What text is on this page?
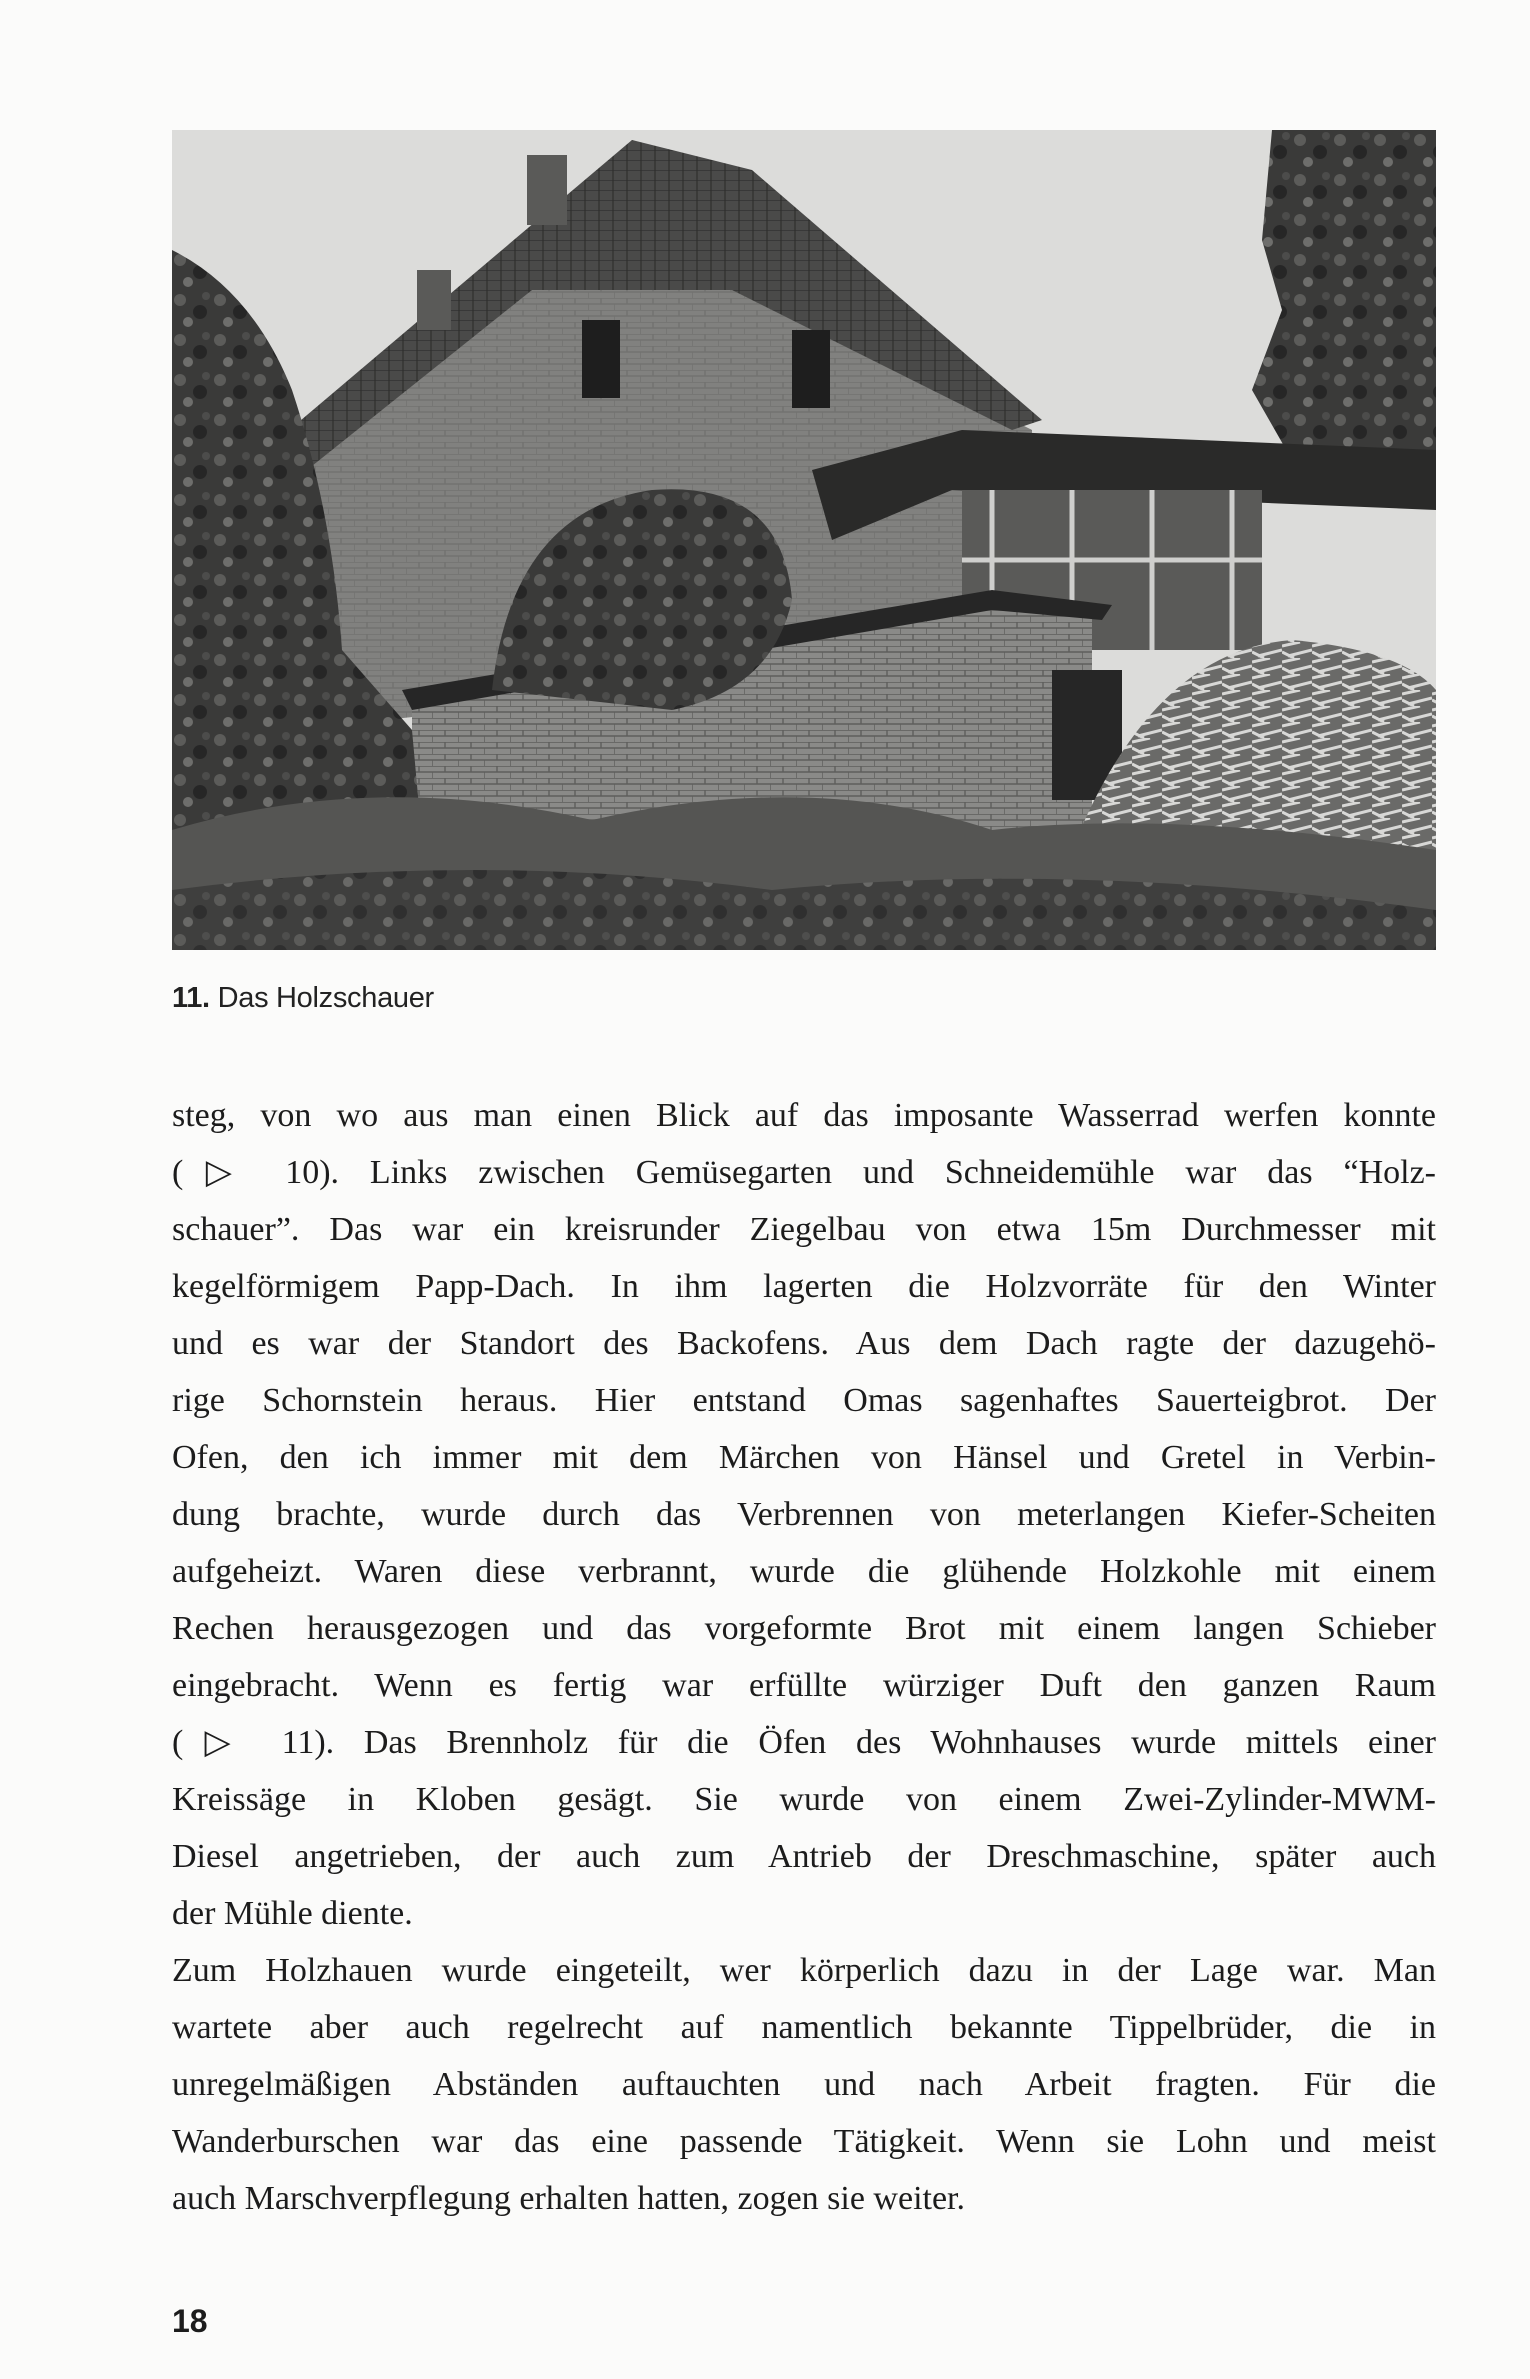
11. Das Holzschauer
steg, von wo aus man einen Blick auf das imposante Wasserrad werfen konnte
(▷ 10). Links zwischen Gemüsegarten und Schneidemühle war das “Holz-
schauer”. Das war ein kreisrunder Ziegelbau von etwa 15m Durchmesser mit
kegelförmigem Papp-Dach. In ihm lagerten die Holzvorräte für den Winter
und es war der Standort des Backofens. Aus dem Dach ragte der dazugehö-
rige Schornstein heraus. Hier entstand Omas sagenhaftes Sauerteigbrot. Der
Ofen, den ich immer mit dem Märchen von Hänsel und Gretel in Verbin-
dung brachte, wurde durch das Verbrennen von meterlangen Kiefer-Scheiten
aufgeheizt. Waren diese verbrannt, wurde die glühende Holzkohle mit einem
Rechen herausgezogen und das vorgeformte Brot mit einem langen Schieber
eingebracht. Wenn es fertig war erfüllte würziger Duft den ganzen Raum
(▷ 11). Das Brennholz für die Öfen des Wohnhauses wurde mittels einer
Kreissäge in Kloben gesägt. Sie wurde von einem Zwei-Zylinder-MWM-
Diesel angetrieben, der auch zum Antrieb der Dreschmaschine, später auch
der Mühle diente.
Zum Holzhauen wurde eingeteilt, wer körperlich dazu in der Lage war. Man
wartete aber auch regelrecht auf namentlich bekannte Tippelbrüder, die in
unregelmäßigen Abständen auftauchten und nach Arbeit fragten. Für die
Wanderburschen war das eine passende Tätigkeit. Wenn sie Lohn und meist
auch Marschverpflegung erhalten hatten, zogen sie weiter.
18
